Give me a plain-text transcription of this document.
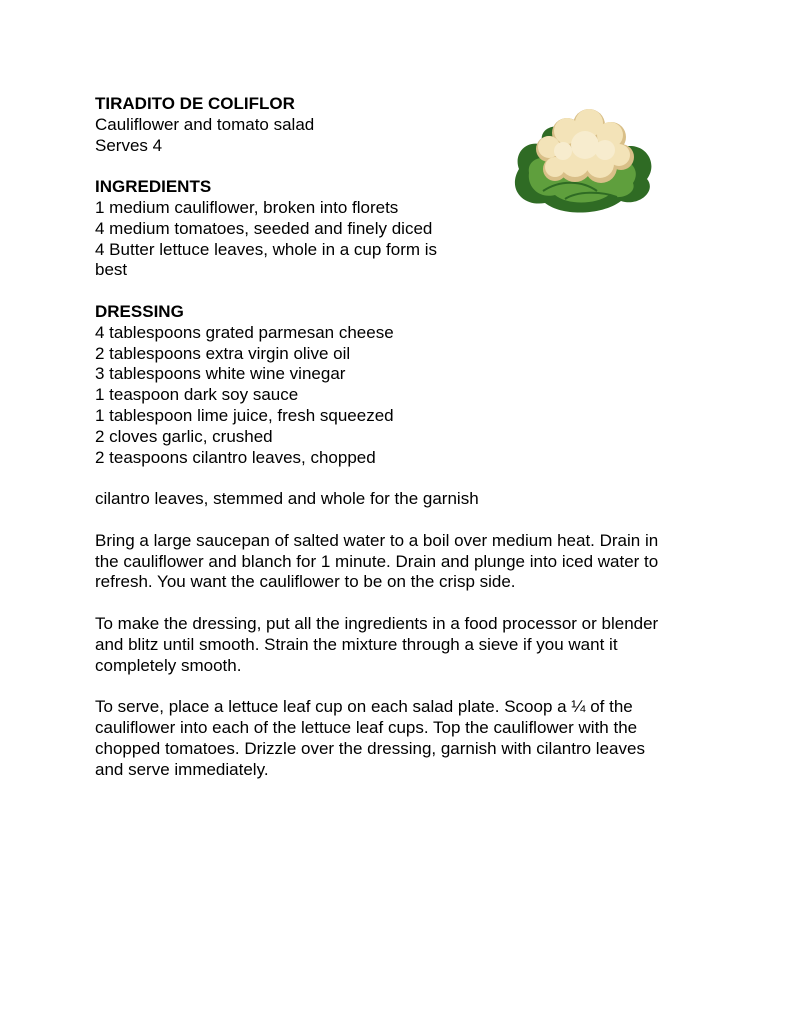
TIRADITO DE COLIFLOR
Cauliflower and tomato salad
Serves 4
INGREDIENTS
1 medium cauliflower, broken into florets
4 medium tomatoes, seeded and finely diced
4 Butter lettuce leaves, whole in a cup form is
best
DRESSING
4 tablespoons grated parmesan cheese
2 tablespoons extra virgin olive oil
3 tablespoons white wine vinegar
1 teaspoon dark soy sauce
1 tablespoon lime juice, fresh squeezed
2 cloves garlic, crushed
2 teaspoons cilantro leaves, chopped
cilantro leaves, stemmed and whole for the garnish
Bring a large saucepan of salted water to a boil over medium heat. Drain in
the cauliflower and blanch for 1 minute. Drain and plunge into iced water to
refresh. You want the cauliflower to be on the crisp side.
To make the dressing, put all the ingredients in a food processor or blender
and blitz until smooth. Strain the mixture through a sieve if you want it
completely smooth.
To serve, place a lettuce leaf cup on each salad plate. Scoop a ¼ of the
cauliflower into each of the lettuce leaf cups. Top the cauliflower with the
chopped tomatoes. Drizzle over the dressing, garnish with cilantro leaves
and serve immediately.
